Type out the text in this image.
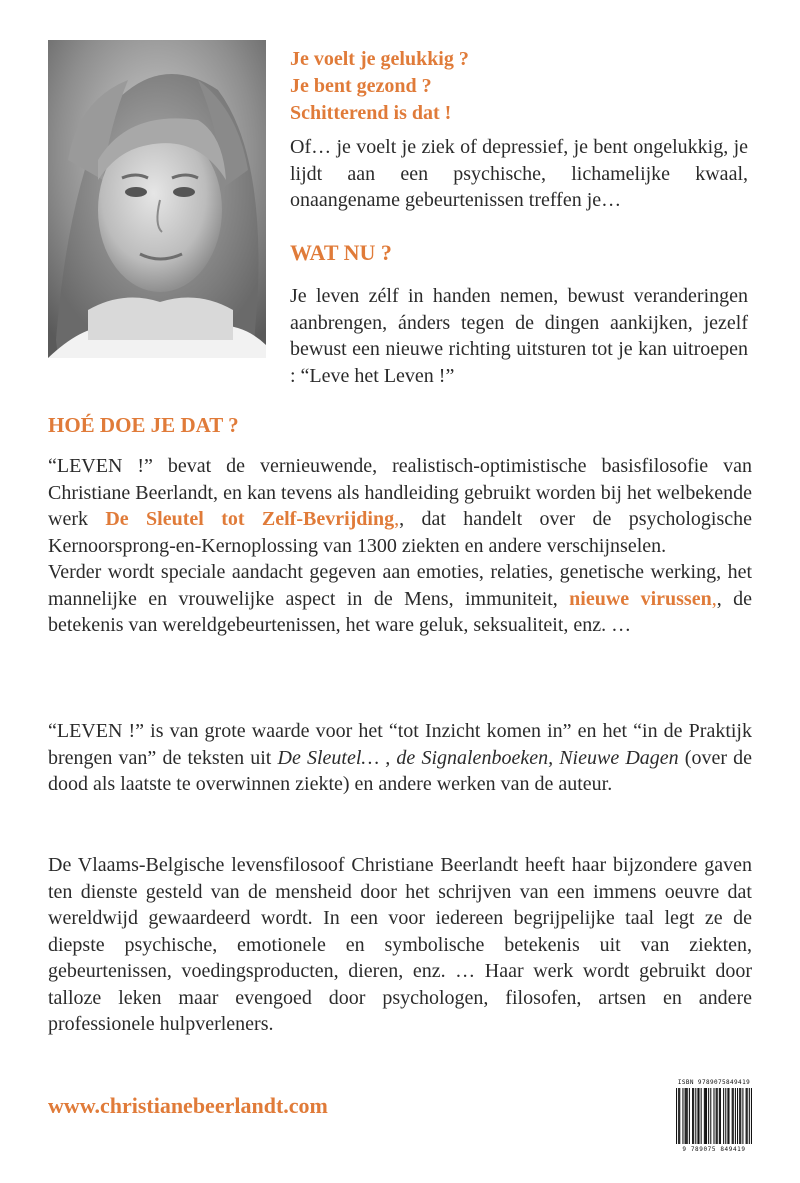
Je voelt je gelukkig ?
Je bent gezond ?
Schitterend is dat !

Of… je voelt je ziek of depressief, je bent ongelukkig, je lijdt aan een psychische, lichamelijke kwaal, onaangename gebeurtenissen treffen je…

WAT NU ?

Je leven zélf in handen nemen, bewust veranderingen aanbrengen, ánders tegen de dingen aankijken, jezelf bewust een nieuwe richting uitsturen tot je kan uitroepen : “Leve het Leven !”

HOÉ DOE JE DAT ?

“LEVEN !” bevat de vernieuwende, realistisch-optimistische basisfilosofie van Christiane Beerlandt, en kan tevens als handleiding gebruikt worden bij het welbekende werk De Sleutel tot Zelf-Bevrijding,, dat handelt over de psychologische Kernoorsprong-en-Kernoplossing van 1300 ziekten en andere verschijnselen.
Verder wordt speciale aandacht gegeven aan emoties, relaties, genetische werking, het mannelijke en vrouwelijke aspect in de Mens, immuniteit, nieuwe virussen,, de betekenis van wereldgebeurtenissen, het ware geluk, seksualiteit, enz. …

“LEVEN !” is van grote waarde voor het “tot Inzicht komen in” en het “in de Praktijk brengen van” de teksten uit De Sleutel… , de Signalenboeken, Nieuwe Dagen (over de dood als laatste te overwinnen ziekte) en andere werken van de auteur.

De Vlaams-Belgische levensfilosoof Christiane Beerlandt heeft haar bijzondere gaven ten dienste gesteld van de mensheid door het schrijven van een immens oeuvre dat wereldwijd gewaardeerd wordt. In een voor iedereen begrijpelijke taal legt ze de diepste psychische, emotionele en symbolische betekenis uit van ziekten, gebeurtenissen, voedingsproducten, dieren, enz. … Haar werk wordt gebruikt door talloze leken maar evengoed door psychologen, filosofen, artsen en andere professionele hulpverleners.

www.christianebeerlandt.com

ISBN 9789075849419
9 789075 849419
